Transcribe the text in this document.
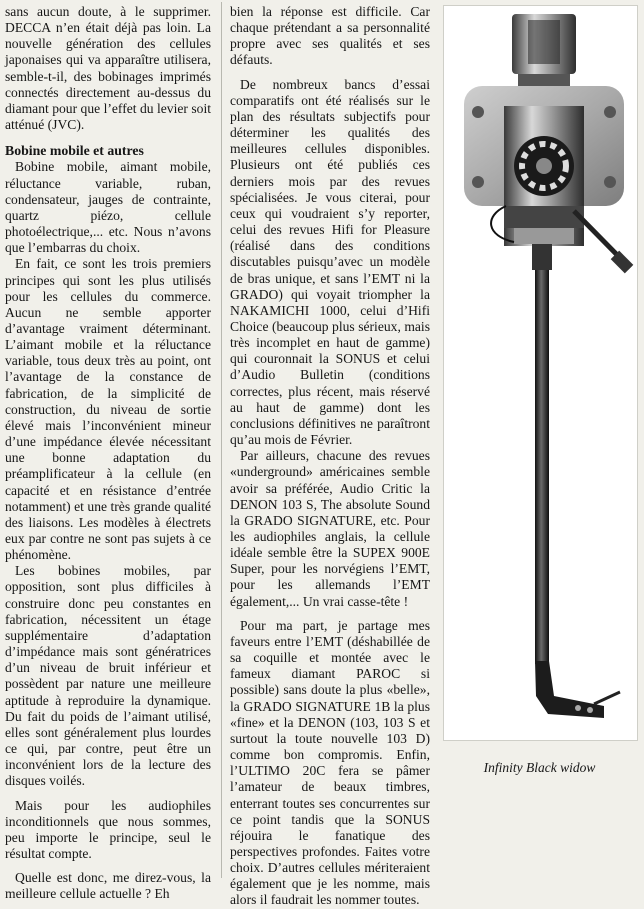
sans aucun doute, à le supprimer. DECCA n’en était déjà pas loin. La nouvelle génération des cellules japonaises qui va apparaître utilisera, semble-t-il, des bobinages imprimés connectés directement au-dessus du diamant pour que l’effet du levier soit atténué (JVC).

Bobine mobile et autres

Bobine mobile, aimant mobile, réluctance variable, ruban, condensateur, jauges de contrainte, quartz piézo, cellule photoélectrique,... etc. Nous n’avons que l’embarras du choix.

En fait, ce sont les trois premiers principes qui sont les plus utilisés pour les cellules du commerce. Aucun ne semble apporter d’avantage vraiment déterminant. L’aimant mobile et la réluctance variable, tous deux très au point, ont l’avantage de la constance de fabrication, de la simplicité de construction, du niveau de sortie élevé mais l’inconvénient mineur d’une impédance élevée nécessitant une bonne adaptation du préamplificateur à la cellule (en capacité et en résistance d’entrée notamment) et une très grande qualité des liaisons. Les modèles à électrets eux par contre ne sont pas sujets à ce phénomène.

Les bobines mobiles, par opposition, sont plus difficiles à construire donc peu constantes en fabrication, nécessitent un étage supplémentaire d’adaptation d’impédance mais sont génératrices d’un niveau de bruit inférieur et possèdent par nature une meilleure aptitude à reproduire la dynamique. Du fait du poids de l’aimant utilisé, elles sont généralement plus lourdes ce qui, par contre, peut être un inconvénient lors de la lecture des disques voilés.

Mais pour les audiophiles inconditionnels que nous sommes, peu importe le principe, seul le résultat compte.

Quelle est donc, me direz-vous, la meilleure cellule actuelle ? Eh

bien la réponse est difficile. Car chaque prétendant a sa personnalité propre avec ses qualités et ses défauts.

De nombreux bancs d’essai comparatifs ont été réalisés sur le plan des résultats subjectifs pour déterminer les qualités des meilleures cellules disponibles. Plusieurs ont été publiés ces derniers mois par des revues spécialisées. Je vous citerai, pour ceux qui voudraient s’y reporter, celui des revues Hifi for Pleasure (réalisé dans des conditions discutables puisqu’avec un modèle de bras unique, et sans l’EMT ni la GRADO) qui voyait triompher la NAKAMICHI 1000, celui d’Hifi Choice (beaucoup plus sérieux, mais très incomplet en haut de gamme) qui couronnait la SONUS et celui d’Audio Bulletin (conditions correctes, plus récent, mais réservé au haut de gamme) dont les conclusions définitives ne paraîtront qu’au mois de Février.

Par ailleurs, chacune des revues «underground» américaines semble avoir sa préférée, Audio Critic la DENON 103 S, The absolute Sound la GRADO SIGNATURE, etc. Pour les audiophiles anglais, la cellule idéale semble être la SUPEX 900E Super, pour les norvégiens l’EMT, pour les allemands l’EMT également,... Un vrai casse-tête !

Pour ma part, je partage mes faveurs entre l’EMT (déshabillée de sa coquille et montée avec le fameux diamant PAROC si possible) sans doute la plus «belle», la GRADO SIGNATURE 1B la plus «fine» et la DENON (103, 103 S et surtout la toute nouvelle 103 D) comme bon compromis. Enfin, l’ULTIMO 20C fera se pâmer l’amateur de beaux timbres, enterrant toutes ses concurrentes sur ce point tandis que la SONUS réjouira le fanatique des perspectives profondes. Faites votre choix. D’autres cellules mériteraient également que je les nomme, mais alors il faudrait les nommer toutes.

Infinity Black widow
